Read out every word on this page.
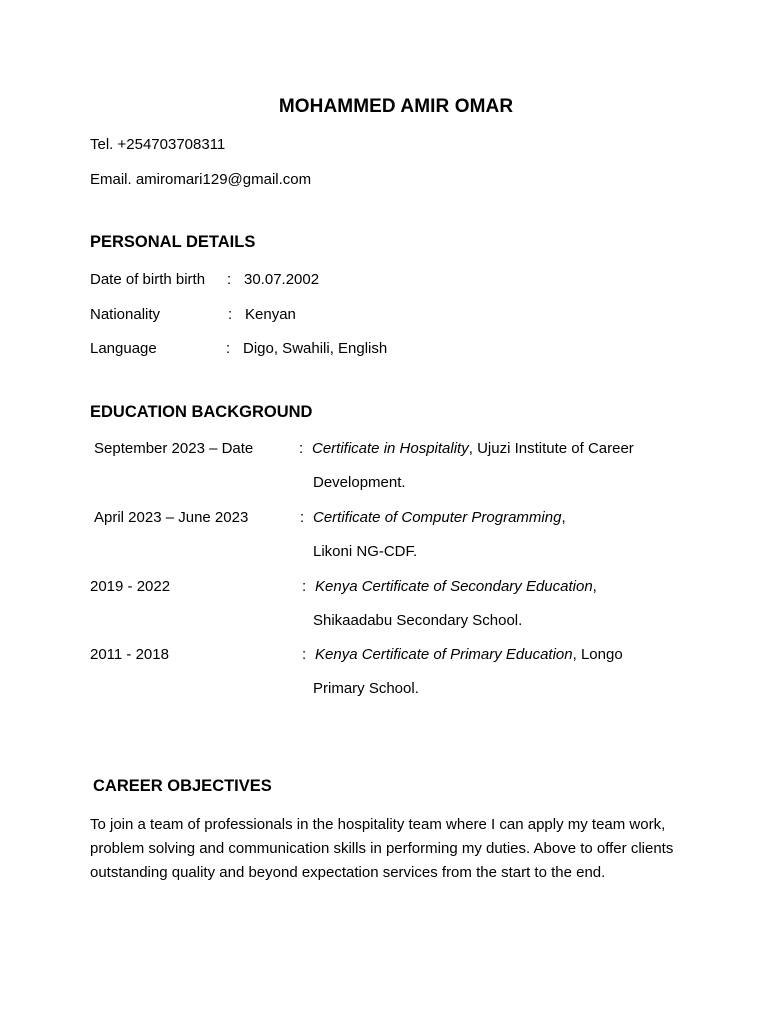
MOHAMMED AMIR OMAR
Tel. +254703708311
Email. amiromari129@gmail.com
PERSONAL DETAILS
Date of birth birth : 30.07.2002
Nationality	: Kenyan
Language	: Digo, Swahili, English
EDUCATION BACKGROUND
September 2023 – Date	: Certificate in Hospitality, Ujuzi Institute of Career
Development.
April 2023 – June 2023	: Certificate of Computer Programming,
Likoni NG-CDF.
2019 - 2022	: Kenya Certificate of Secondary Education,
Shikaadabu Secondary School.
2011 - 2018	: Kenya Certificate of Primary Education, Longo
Primary School.
CAREER OBJECTIVES
To join a team of professionals in the hospitality team where I can apply my team work, problem solving and communication skills in performing my duties. Above to offer clients outstanding quality and beyond expectation services from the start to the end.
